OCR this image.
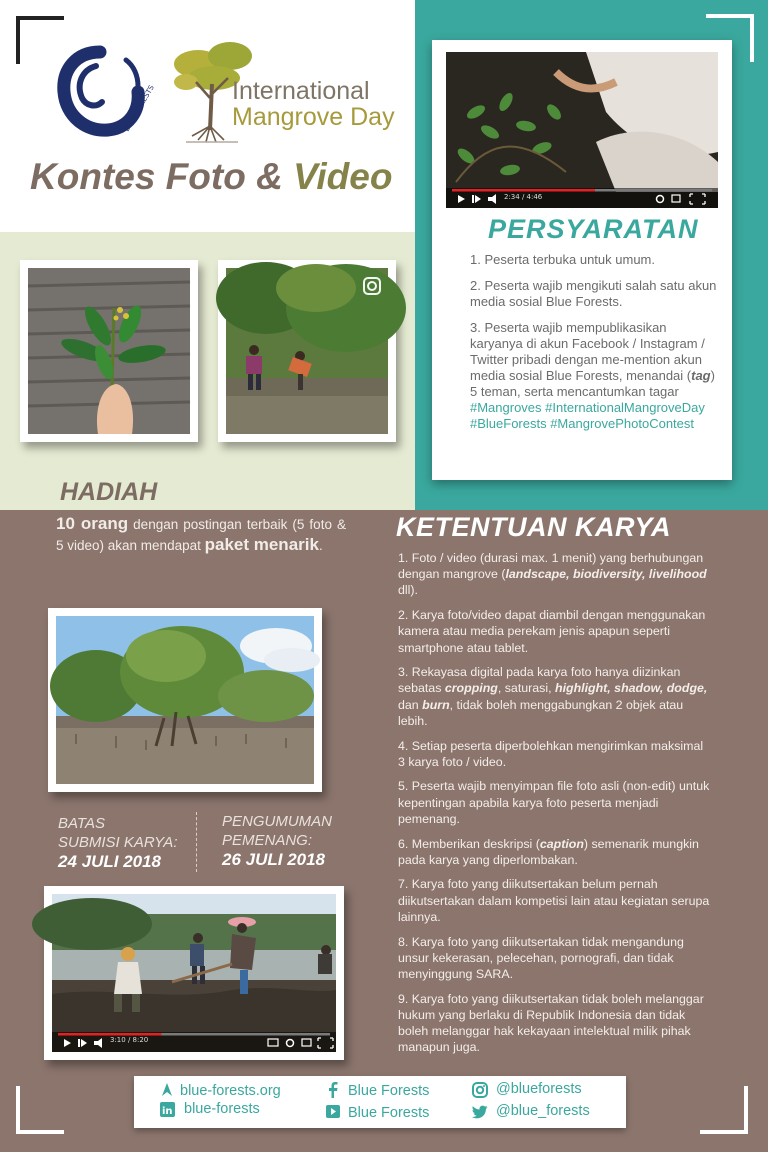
BLUE FORESTS	International
Mangrove Day
Kontes Foto & Video	2:34 / 4:46
PERSYARATAN

1. Peserta terbuka untuk umum.

2. Peserta wajib mengikuti salah satu akun media sosial Blue Forests.

3. Peserta wajib mempublikasikan karyanya di akun Facebook / Instagram / Twitter pribadi dengan me-mention akun media sosial Blue Forests, menandai (tag) 5 teman, serta mencantumkan tagar #Mangroves #InternationalMangroveDay #BlueForests #MangrovePhotoContest

HADIAH
10 orang dengan postingan terbaik (5 foto & 5 video) akan mendapat paket menarik.
BATAS
SUBMISI KARYA:
24 JULI 2018
PENGUMUMAN
PEMENANG:
26 JULI 2018
3:10 / 8:20
KETENTUAN KARYA

1. Foto / video (durasi max. 1 menit) yang berhubungan dengan mangrove (landscape, biodiversity, livelihood dll).

2. Karya foto/video dapat diambil dengan menggunakan kamera atau media perekam jenis apapun seperti smartphone atau tablet.

3. Rekayasa digital pada karya foto hanya diizinkan sebatas cropping, saturasi, highlight, shadow, dodge, dan burn, tidak boleh menggabungkan 2 objek atau lebih.

4. Setiap peserta diperbolehkan mengirimkan maksimal 3 karya foto / video.

5. Peserta wajib menyimpan file foto asli (non-edit) untuk kepentingan apabila karya foto peserta menjadi pemenang.

6. Memberikan deskripsi (caption) semenarik mungkin pada karya yang diperlombakan.

7. Karya foto yang diikutsertakan belum pernah diikutsertakan dalam kompetisi lain atau kegiatan serupa lainnya.

8. Karya foto yang diikutsertakan tidak mengandung unsur kekerasan, pelecehan, pornografi, dan tidak menyinggung SARA.

9. Karya foto yang diikutsertakan tidak boleh melanggar hukum yang berlaku di Republik Indonesia dan tidak boleh melanggar hak kekayaan intelektual milik pihak manapun juga.

blue-forests.org
in blue-forests
Blue Forests
Blue Forests
@blueforests
@blue_forests
